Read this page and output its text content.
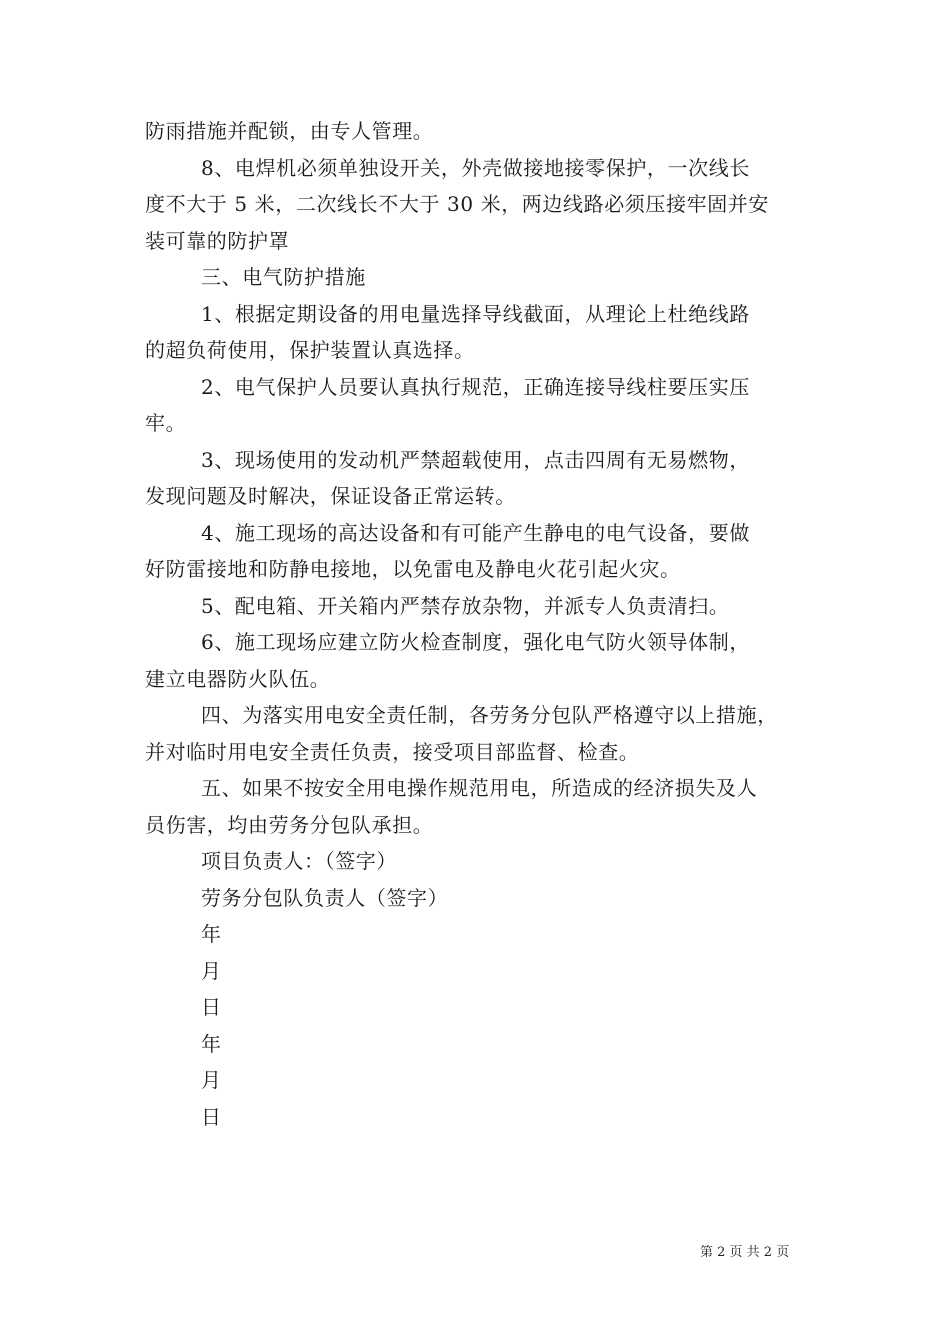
防雨措施并配锁，由专人管理。
8、电焊机必须单独设开关，外壳做接地接零保护，一次线长
度不大于 5 米，二次线长不大于 30 米，两边线路必须压接牢固并安
装可靠的防护罩
三、电气防护措施
1、根据定期设备的用电量选择导线截面，从理论上杜绝线路
的超负荷使用，保护装置认真选择。
2、电气保护人员要认真执行规范，正确连接导线柱要压实压
牢。
3、现场使用的发动机严禁超载使用，点击四周有无易燃物，
发现问题及时解决，保证设备正常运转。
4、施工现场的高达设备和有可能产生静电的电气设备，要做
好防雷接地和防静电接地，以免雷电及静电火花引起火灾。
5、配电箱、开关箱内严禁存放杂物，并派专人负责清扫。
6、施工现场应建立防火检查制度，强化电气防火领导体制，
建立电器防火队伍。
四、为落实用电安全责任制，各劳务分包队严格遵守以上措施，
并对临时用电安全责任负责，接受项目部监督、检查。
五、如果不按安全用电操作规范用电，所造成的经济损失及人
员伤害，均由劳务分包队承担。
项目负责人：（签字）
劳务分包队负责人（签字）
年
月
日
年
月
日
第 2 页 共 2 页
